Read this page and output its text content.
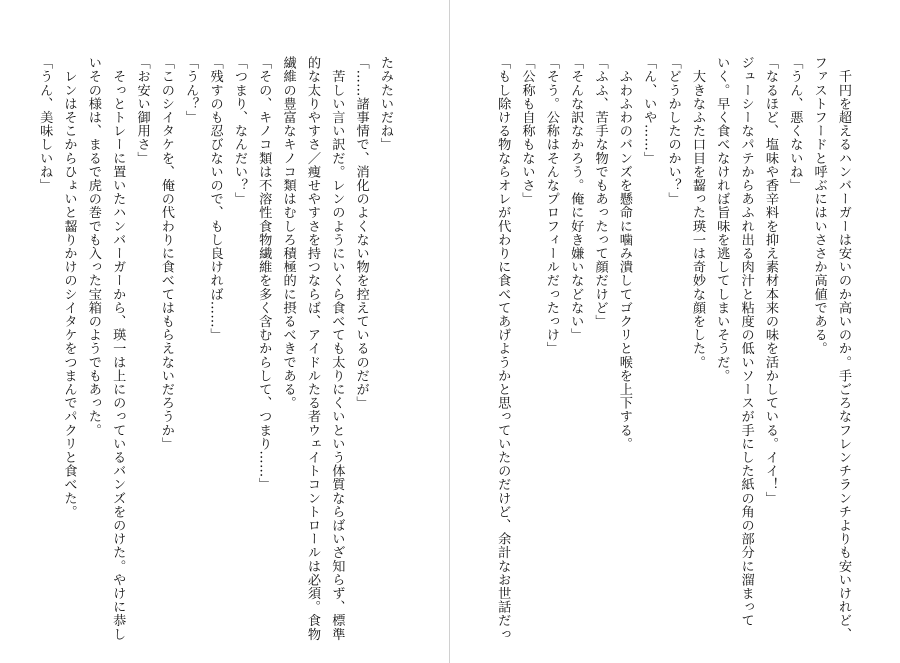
　千円を超えるハンバーガーは安いのか高いのか。手ごろなフレンチランチよりも安いけれど、
ファストフードと呼ぶにはいささか高値である。
「うん、悪くないね」
「なるほど、塩味や香辛料を抑え素材本来の味を活かしている。イイ！」
ジューシーなパテからあふれ出る肉汁と粘度の低いソースが手にした紙の角の部分に溜まって
いく。早く食べなければ旨味を逃してしまいそうだ。
　大きなふた口目を齧った瑛一は奇妙な顔をした。
「どうかしたのかい？」
「ん、いや……」
　ふわふわのバンズを懸命に噛み潰してゴクリと喉を上下する。
「ふふ、苦手な物でもあったって顔だけど」
「そんな訳なかろう。俺に好き嫌いなどない」
「そう。公称はそんなプロフィールだったっけ」
「公称も自称もないさ」
「もし除ける物ならオレが代わりに食べてあげようかと思っていたのだけど、余計なお世話だっ
たみたいだね」
「……諸事情で、消化のよくない物を控えているのだが」
　苦しい言い訳だ。レンのようにいくら食べても太りにくいという体質ならばいざ知らず、標準
的な太りやすさ／痩せやすさを持つならば、アイドルたる者ウェイトコントロールは必須。食物
繊維の豊富なキノコ類はむしろ積極的に摂るべきである。
「その、キノコ類は不溶性食物繊維を多く含むからして、つまり……」
「つまり、なんだい？」
「残すのも忍びないので、もし良ければ……」
「うん？」
「このシイタケを、俺の代わりに食べてはもらえないだろうか」
「お安い御用さ」
　そっとトレーに置いたハンバーガーから、瑛一は上にのっているバンズをのけた。やけに恭し
いその様は、まるで虎の巻でも入った宝箱のようでもあった。
　レンはそこからひょいと齧りかけのシイタケをつまんでパクリと食べた。
「うん、美味しいね」
